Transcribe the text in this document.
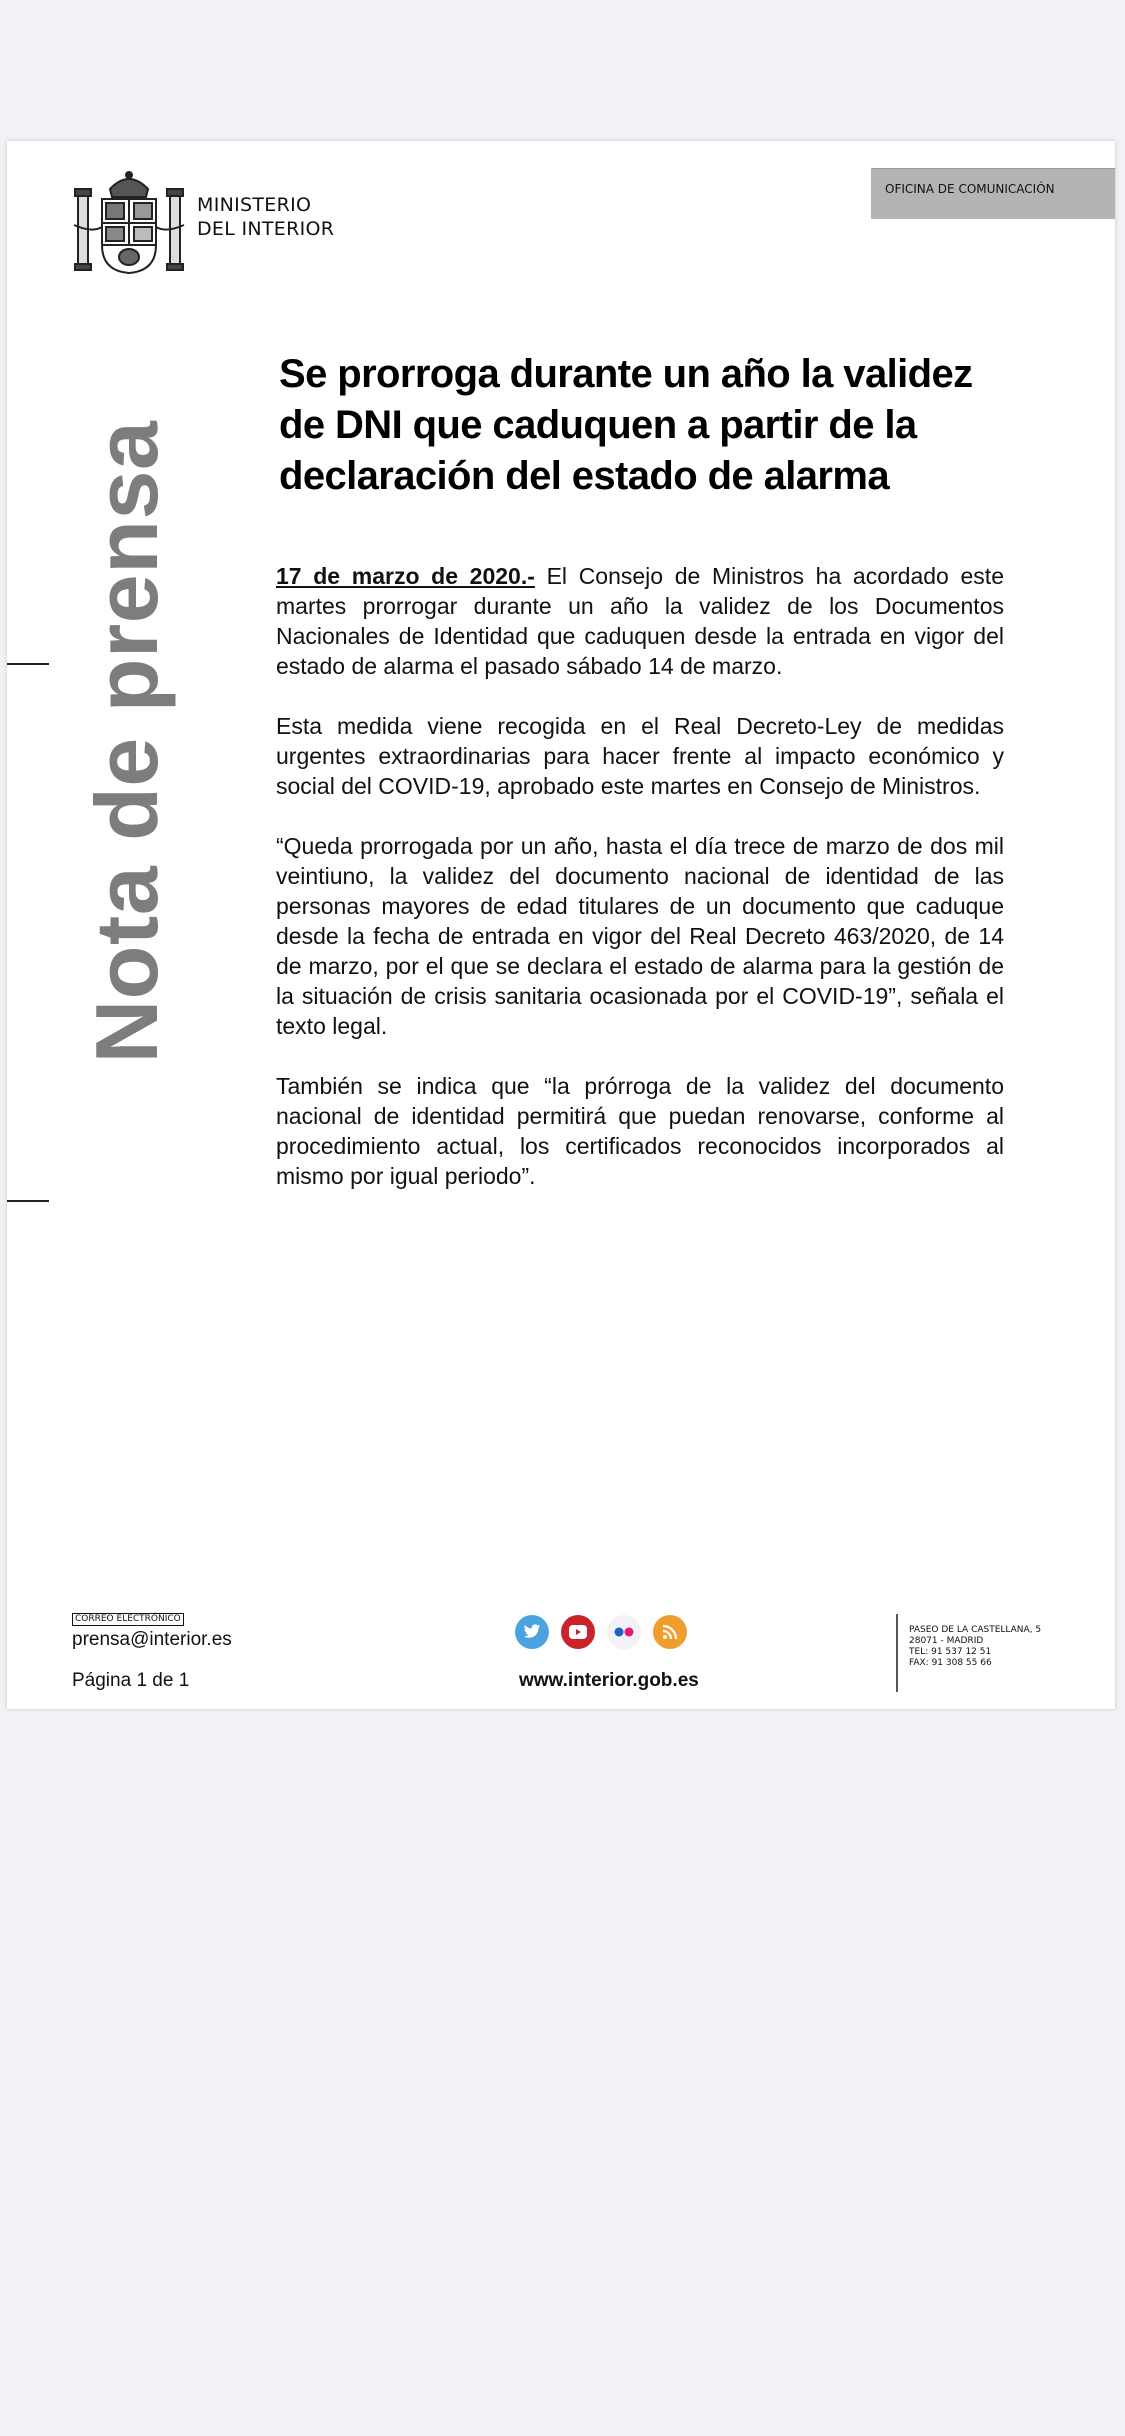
MINISTERIO
DEL INTERIOR
OFICINA DE COMUNICACIÓN
Nota de prensa
Se prorroga durante un año la validez de DNI que caduquen a partir de la declaración del estado de alarma

17 de marzo de 2020.- El Consejo de Ministros ha acordado este martes prorrogar durante un año la validez de los Documentos Nacionales de Identidad que caduquen desde la entrada en vigor del estado de alarma el pasado sábado 14 de marzo.

Esta medida viene recogida en el Real Decreto-Ley de medidas urgentes extraordinarias para hacer frente al impacto económico y social del COVID-19, aprobado este martes en Consejo de Ministros.

“Queda prorrogada por un año, hasta el día trece de marzo de dos mil veintiuno, la validez del documento nacional de identidad de las personas mayores de edad titulares de un documento que caduque desde la fecha de entrada en vigor del Real Decreto 463/2020, de 14 de marzo, por el que se declara el estado de alarma para la gestión de la situación de crisis sanitaria ocasionada por el COVID-19”, señala el texto legal.

También se indica que “la prórroga de la validez del documento nacional de identidad permitirá que puedan renovarse, conforme al procedimiento actual, los certificados reconocidos incorporados al mismo por igual periodo”.

CORREO ELECTRÓNICO
prensa@interior.es
Página 1 de 1	www.interior.gob.es
PASEO DE LA CASTELLANA, 5
28071 - MADRID
TEL: 91 537 12 51
FAX: 91 308 55 66
